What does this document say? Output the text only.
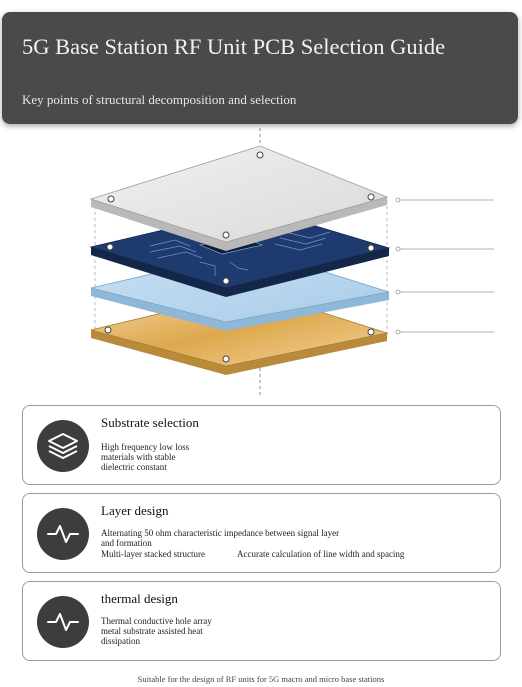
5G Base Station RF Unit PCB Selection Guide
Key points of structural decomposition and selection
Substrate selection
High frequency low loss
materials with stable
dielectric constant
Layer design
Alternating 50 ohm characteristic impedance between signal layer
and formation
Multi-layer stacked structure	Accurate calculation of line width and spacing
thermal design
Thermal conductive hole array
metal substrate assisted heat
dissipation
Suitable for the design of RF units for 5G macro and micro base stations
